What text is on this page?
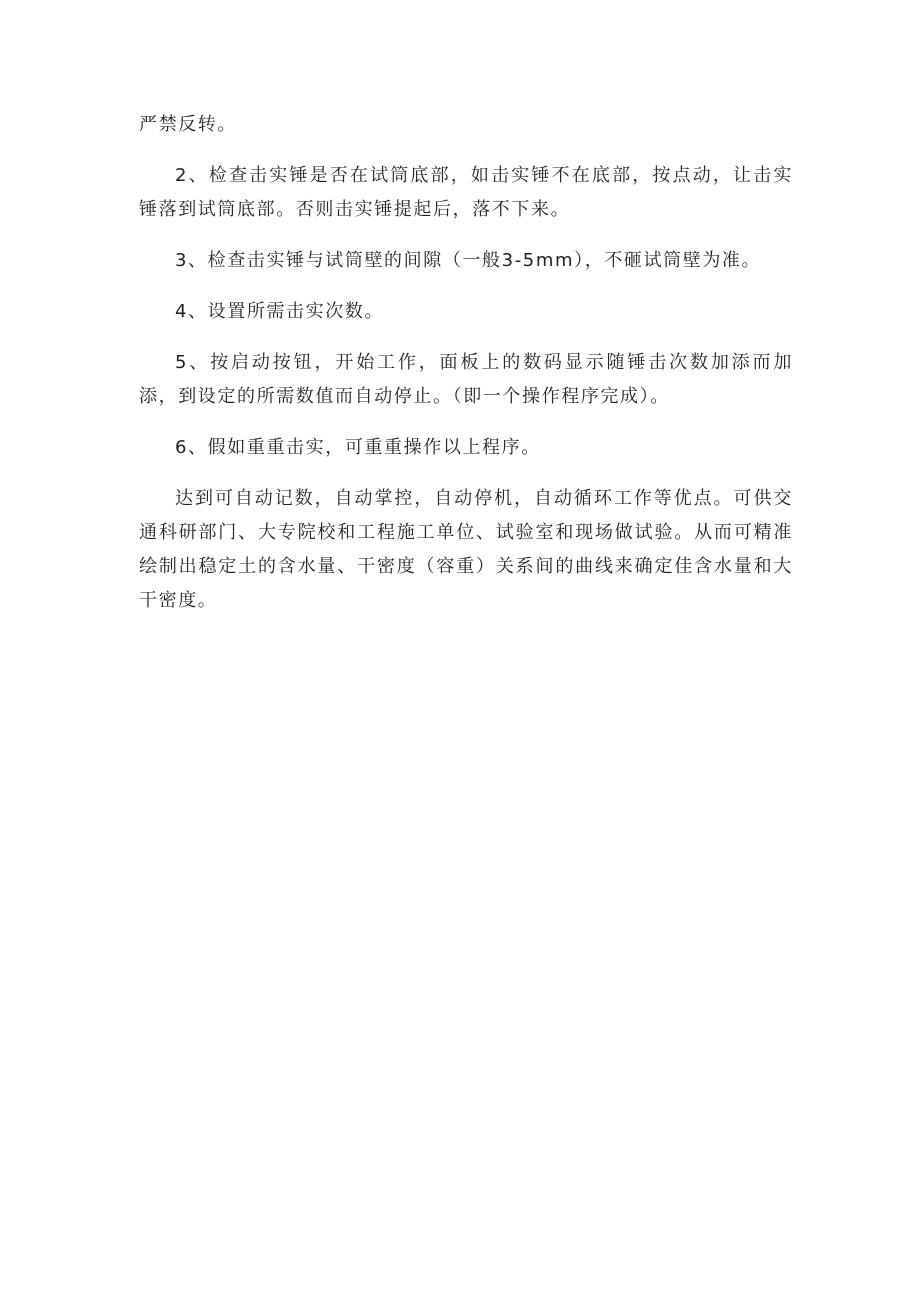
严禁反转。

2、检查击实锤是否在试筒底部，如击实锤不在底部，按点动，让击实锤落到试筒底部。否则击实锤提起后，落不下来。

3、检查击实锤与试筒壁的间隙（一般3-5mm），不砸试筒壁为准。

4、设置所需击实次数。

5、按启动按钮，开始工作，面板上的数码显示随锤击次数加添而加添，到设定的所需数值而自动停止。（即一个操作程序完成）。

6、假如重重击实，可重重操作以上程序。

达到可自动记数，自动掌控，自动停机，自动循环工作等优点。可供交通科研部门、大专院校和工程施工单位、试验室和现场做试验。从而可精准绘制出稳定土的含水量、干密度（容重）关系间的曲线来确定佳含水量和大干密度。
